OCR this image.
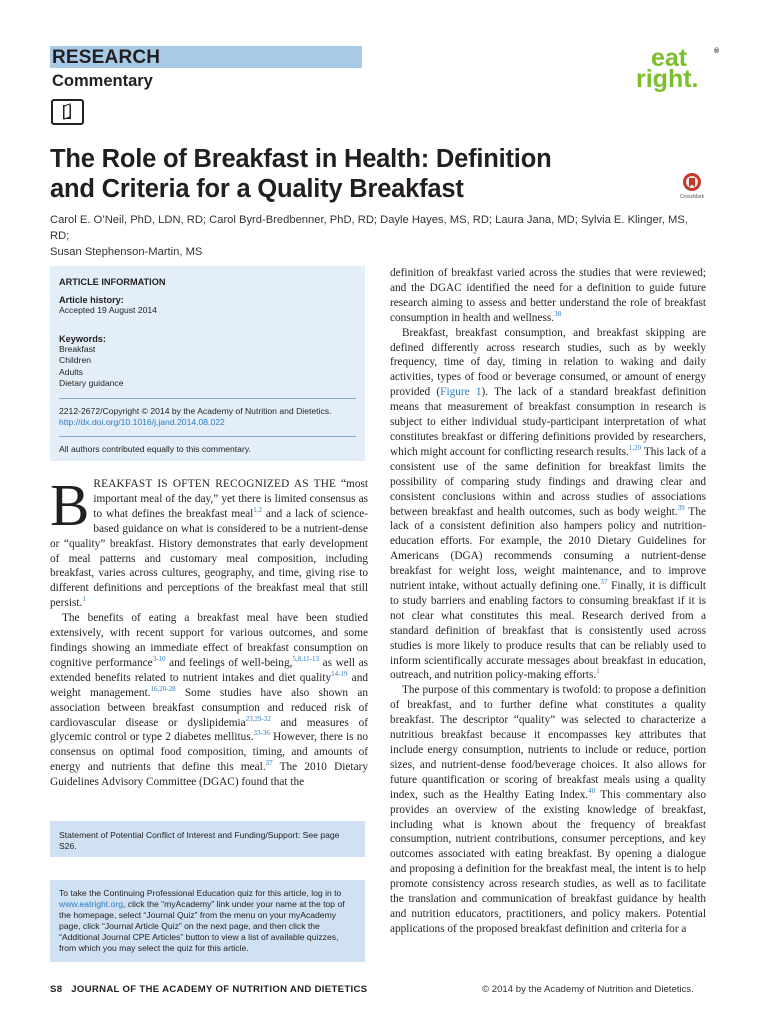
RESEARCH
Commentary
eat
right.
®
The Role of Breakfast in Health: Definition
and Criteria for a Quality Breakfast	CrossMark
Carol E. O’Neil, PhD, LDN, RD; Carol Byrd-Bredbenner, PhD, RD; Dayle Hayes, MS, RD; Laura Jana, MD; Sylvia E. Klinger, MS, RD;
Susan Stephenson-Martin, MS
ARTICLE INFORMATION
Article history:
Accepted 19 August 2014
Keywords:
Breakfast
Children
Adults
Dietary guidance
2212-2672/Copyright © 2014 by the Academy of Nutrition and Dietetics.
http://dx.doi.org/10.1016/j.jand.2014.08.022
All authors contributed equally to this commentary.

BREAKFAST IS OFTEN RECOGNIZED AS THE “most important meal of the day,” yet there is limited consensus as to what defines the breakfast meal$^{1,2}$ and a lack of science-based guidance on what is considered to be a nutrient-dense or “quality” breakfast. History demonstrates that early development of meal patterns and customary meal composition, including breakfast, varies across cultures, geography, and time, giving rise to different definitions and perceptions of the breakfast meal that still persist.$^1$

The benefits of eating a breakfast meal have been studied extensively, with recent support for various outcomes, and some findings showing an immediate effect of breakfast consumption on cognitive performance$^{3-10}$ and feelings of well-being,$^{5,8,11-13}$ as well as extended benefits related to nutrient intakes and diet quality$^{14-19}$ and weight management.$^{16,20-28}$ Some studies have also shown an association between breakfast consumption and reduced risk of cardiovascular disease or dyslipidemia$^{23,29-32}$ and measures of glycemic control or type 2 diabetes mellitus.$^{33-36}$ However, there is no consensus on optimal food composition, timing, and amounts of energy and nutrients that define this meal.$^{37}$ The 2010 Dietary Guidelines Advisory Committee (DGAC) found that the

definition of breakfast varied across the studies that were reviewed; and the DGAC identified the need for a definition to guide future research aiming to assess and better understand the role of breakfast consumption in health and wellness.$^{38}$

Breakfast, breakfast consumption, and breakfast skipping are defined differently across research studies, such as by weekly frequency, time of day, timing in relation to waking and daily activities, types of food or beverage consumed, or amount of energy provided (Figure 1). The lack of a standard breakfast definition means that measurement of breakfast consumption in research is subject to either individual study-participant interpretation of what constitutes breakfast or differing definitions provided by researchers, which might account for conflicting research results.$^{1,20}$ This lack of a consistent use of the same definition for breakfast limits the possibility of comparing study findings and drawing clear and consistent conclusions within and across studies of associations between breakfast and health outcomes, such as body weight.$^{39}$ The lack of a consistent definition also hampers policy and nutrition-education efforts. For example, the 2010 Dietary Guidelines for Americans (DGA) recommends consuming a nutrient-dense breakfast for weight loss, weight maintenance, and to improve nutrient intake, without actually defining one.$^{37}$ Finally, it is difficult to study barriers and enabling factors to consuming breakfast if it is not clear what constitutes this meal. Research derived from a standard definition of breakfast that is consistently used across studies is more likely to produce results that can be reliably used to inform scientifically accurate messages about breakfast in education, outreach, and nutrition policy-making efforts.$^1$

The purpose of this commentary is twofold: to propose a definition of breakfast, and to further define what constitutes a quality breakfast. The descriptor “quality” was selected to characterize a nutritious breakfast because it encompasses key attributes that include energy consumption, nutrients to include or reduce, portion sizes, and nutrient-dense food/beverage choices. It also allows for future quantification or scoring of breakfast meals using a quality index, such as the Healthy Eating Index.$^{40}$ This commentary also provides an overview of the existing knowledge of breakfast, including what is known about the frequency of breakfast consumption, nutrient contributions, consumer perceptions, and key outcomes associated with eating breakfast. By opening a dialogue and proposing a definition for the breakfast meal, the intent is to help promote consistency across research studies, as well as to facilitate the translation and communication of breakfast guidance by health and nutrition educators, practitioners, and policy makers. Potential applications of the proposed breakfast definition and criteria for a

Statement of Potential Conflict of Interest and Funding/Support: See page S26.
To take the Continuing Professional Education quiz for this article, log in to www.eatright.org, click the “myAcademy” link under your name at the top of the homepage, select “Journal Quiz” from the menu on your myAcademy page, click “Journal Article Quiz” on the next page, and then click the “Additional Journal CPE Articles” button to view a list of available quizzes, from which you may select the quiz for this article.
S8 JOURNAL OF THE ACADEMY OF NUTRITION AND DIETETICS	© 2014 by the Academy of Nutrition and Dietetics.
